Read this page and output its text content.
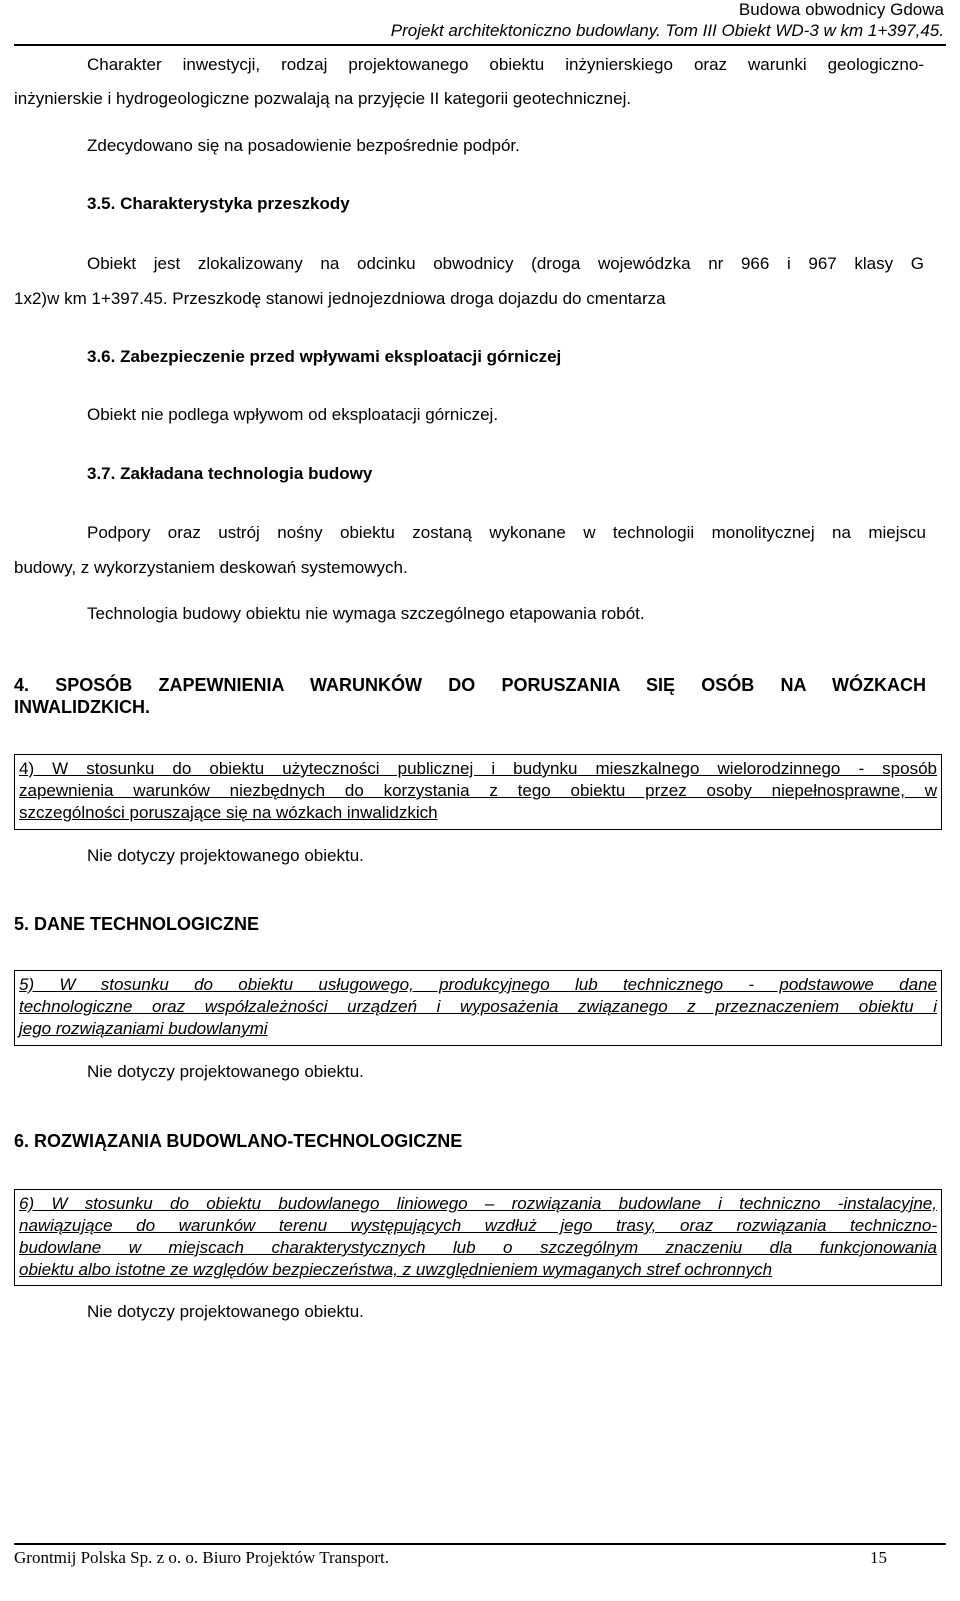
Budowa obwodnicy Gdowa
Projekt architektoniczno budowlany. Tom III Obiekt WD-3 w km 1+397,45.
Charakter inwestycji, rodzaj projektowanego obiektu inżynierskiego oraz warunki geologiczno-
inżynierskie i hydrogeologiczne pozwalają na przyjęcie II kategorii geotechnicznej.
Zdecydowano się na posadowienie bezpośrednie podpór.
3.5. Charakterystyka przeszkody
Obiekt jest zlokalizowany na odcinku obwodnicy (droga wojewódzka nr 966 i 967 klasy G
1x2)w km 1+397.45. Przeszkodę stanowi jednojezdniowa droga dojazdu do cmentarza
3.6. Zabezpieczenie przed wpływami eksploatacji górniczej
Obiekt nie podlega wpływom od eksploatacji górniczej.
3.7. Zakładana technologia budowy
Podpory oraz ustrój nośny obiektu zostaną wykonane w technologii monolitycznej na miejscu
budowy, z wykorzystaniem deskowań systemowych.
Technologia budowy obiektu nie wymaga szczególnego etapowania robót.
4. SPOSÓB ZAPEWNIENIA WARUNKÓW DO PORUSZANIA SIĘ OSÓB NA WÓZKACH
INWALIDZKICH.
4) W stosunku do obiektu użyteczności publicznej i budynku mieszkalnego wielorodzinnego - sposób
zapewnienia warunków niezbędnych do korzystania z tego obiektu przez osoby niepełnosprawne, w
szczególności poruszające się na wózkach inwalidzkich
Nie dotyczy projektowanego obiektu.
5. DANE TECHNOLOGICZNE
5) W stosunku do obiektu usługowego, produkcyjnego lub technicznego - podstawowe dane
technologiczne oraz współzależności urządzeń i wyposażenia związanego z przeznaczeniem obiektu i
jego rozwiązaniami budowlanymi
Nie dotyczy projektowanego obiektu.
6. ROZWIĄZANIA BUDOWLANO-TECHNOLOGICZNE
6) W stosunku do obiektu budowlanego liniowego – rozwiązania budowlane i techniczno -instalacyjne,
nawiązujące do warunków terenu występujących wzdłuż jego trasy, oraz rozwiązania techniczno-
budowlane w miejscach charakterystycznych lub o szczególnym znaczeniu dla funkcjonowania
obiektu albo istotne ze względów bezpieczeństwa, z uwzględnieniem wymaganych stref ochronnych
Nie dotyczy projektowanego obiektu.
Grontmij Polska Sp. z o. o. Biuro Projektów Transport.	15
